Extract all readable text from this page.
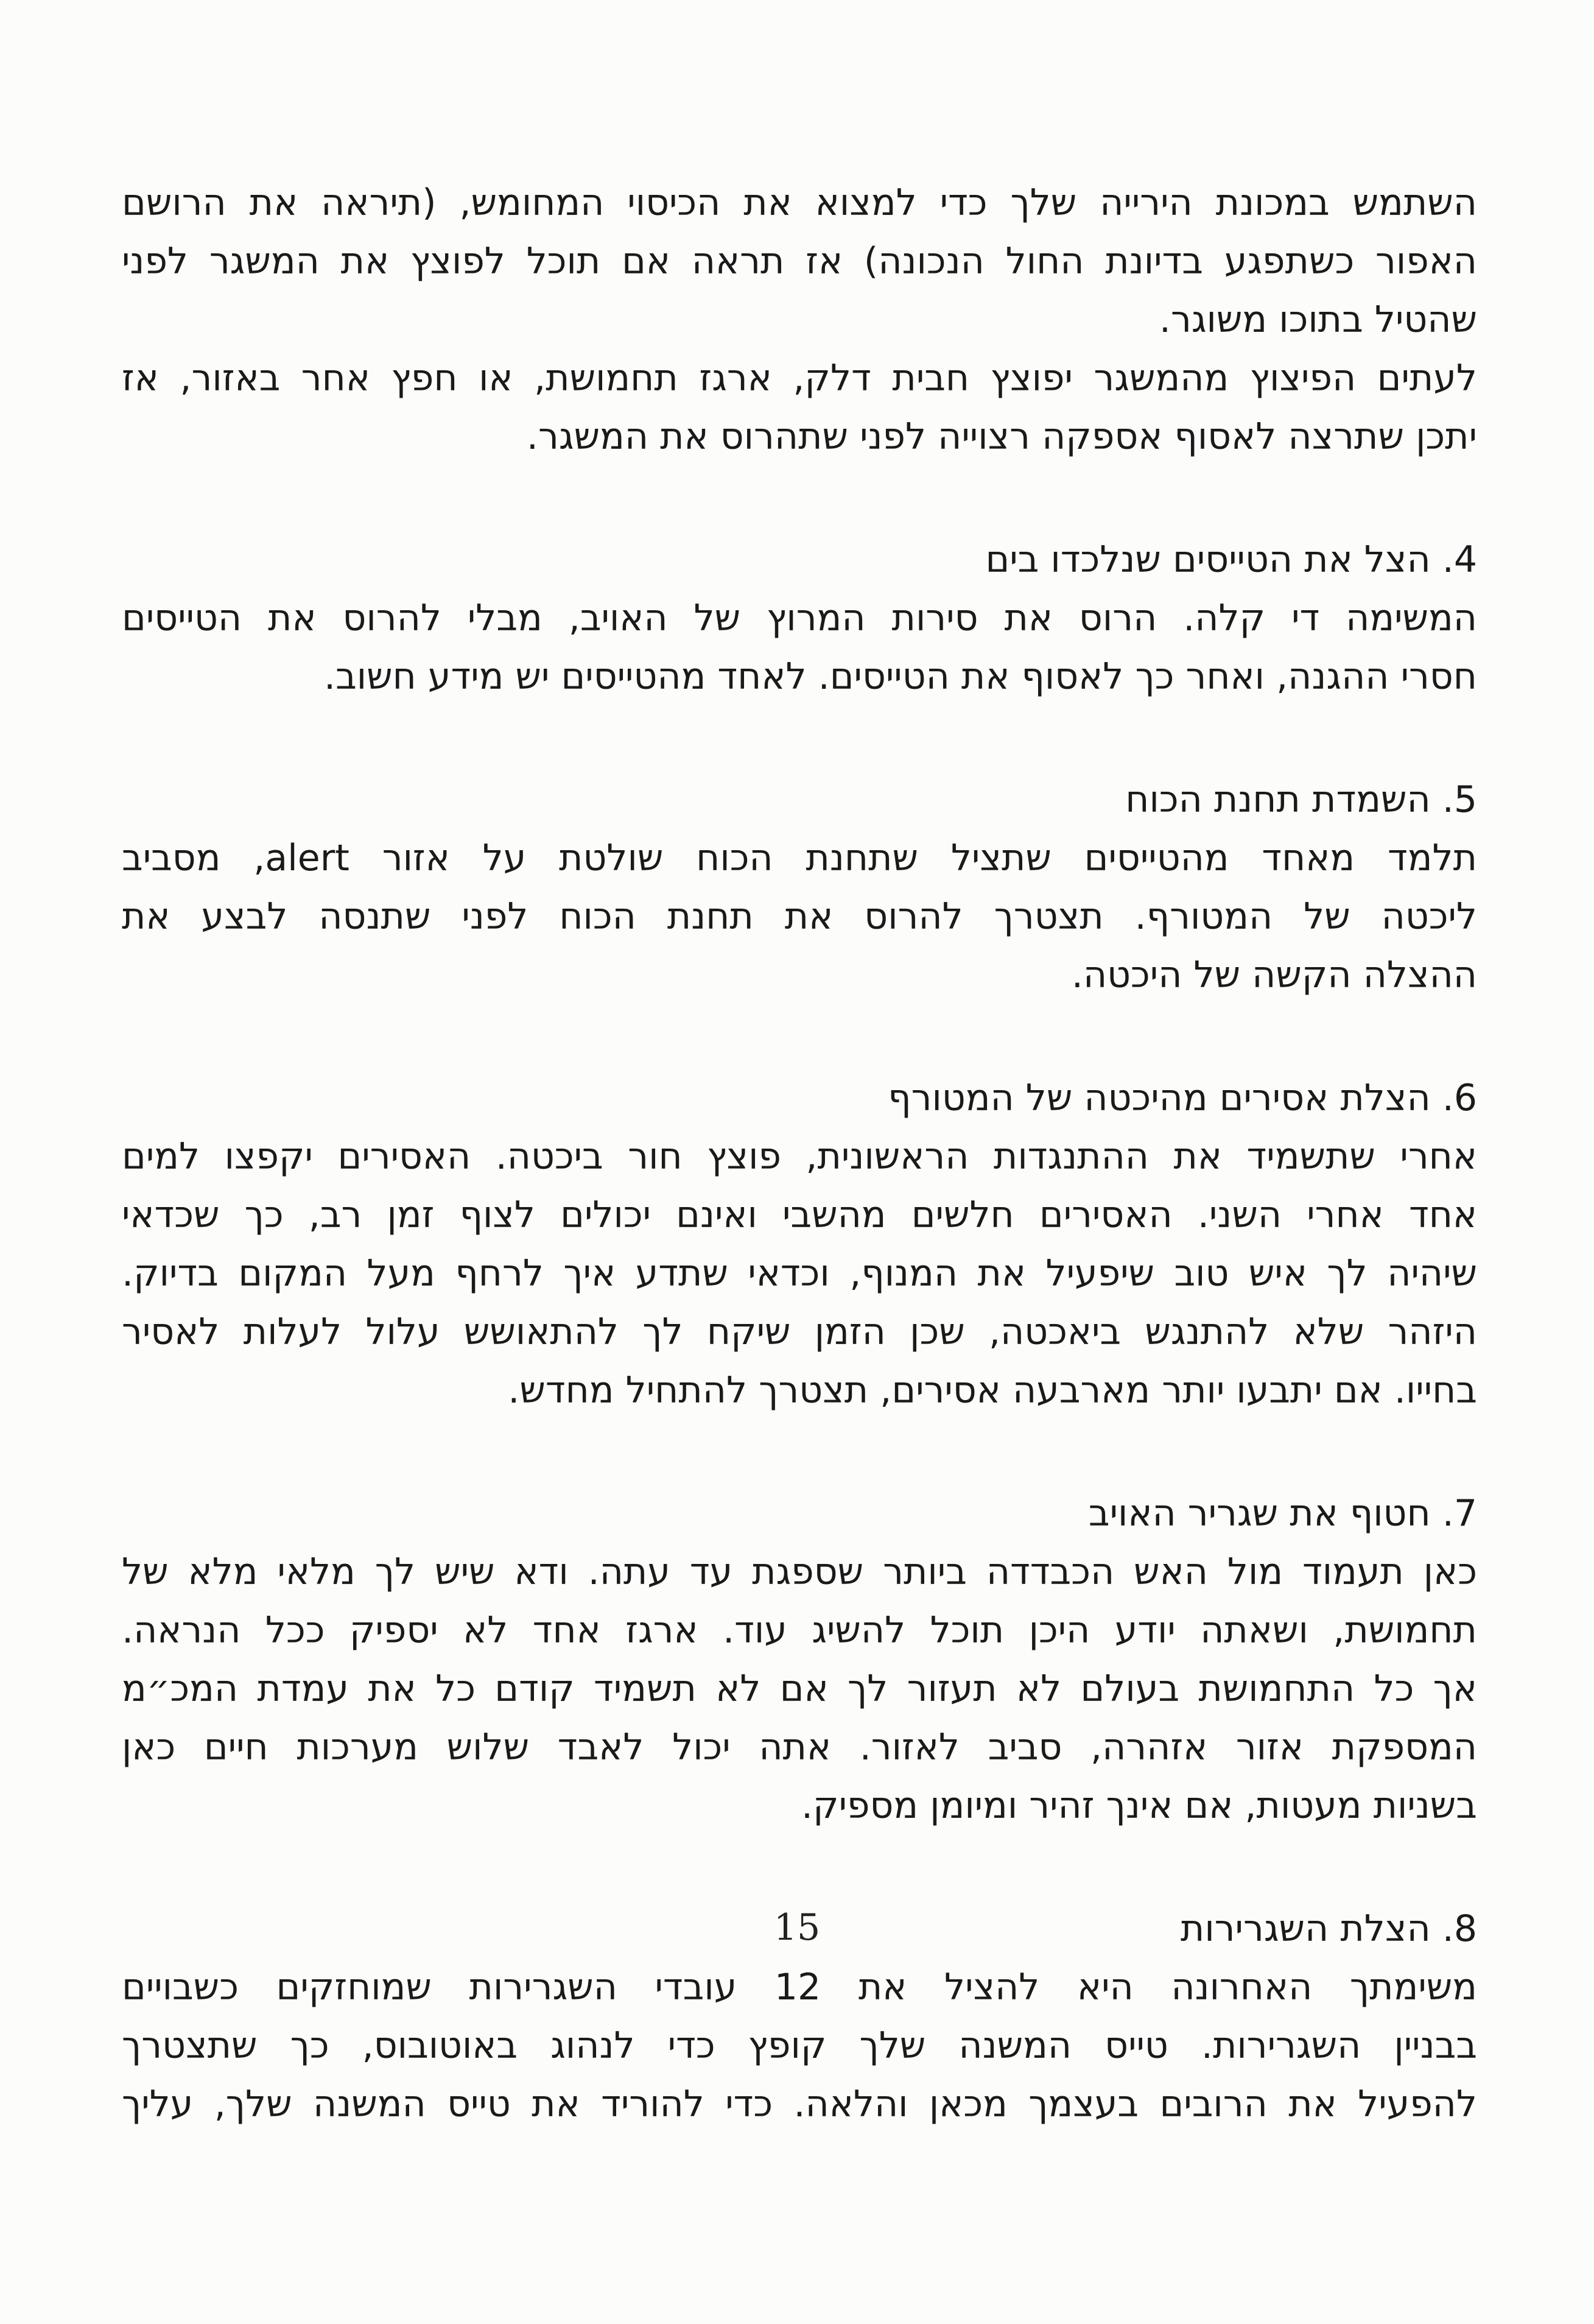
השתמש במכונת הירייה שלך כדי למצוא את הכיסוי המחומש, (תיראה את הרושם
האפור כשתפגע בדיונת החול הנכונה) אז תראה אם תוכל לפוצץ את המשגר לפני
שהטיל בתוכו משוגר.
לעתים הפיצוץ מהמשגר יפוצץ חבית דלק, ארגז תחמושת, או חפץ אחר באזור, אז
יתכן שתרצה לאסוף אספקה רצוייה לפני שתהרוס את המשגר.
4. הצל את הטייסים שנלכדו בים
המשימה די קלה. הרוס את סירות המרוץ של האויב, מבלי להרוס את הטייסים
חסרי ההגנה, ואחר כך לאסוף את הטייסים. לאחד מהטייסים יש מידע חשוב.
5. השמדת תחנת הכוח
תלמד מאחד מהטייסים שתציל שתחנת הכוח שולטת על אזור alert, מסביב
ליכטה של המטורף. תצטרך להרוס את תחנת הכוח לפני שתנסה לבצע את
ההצלה הקשה של היכטה.
6. הצלת אסירים מהיכטה של המטורף
אחרי שתשמיד את ההתנגדות הראשונית, פוצץ חור ביכטה. האסירים יקפצו למים
אחד אחרי השני. האסירים חלשים מהשבי ואינם יכולים לצוף זמן רב, כך שכדאי
שיהיה לך איש טוב שיפעיל את המנוף, וכדאי שתדע איך לרחף מעל המקום בדיוק.
היזהר שלא להתנגש ביאכטה, שכן הזמן שיקח לך להתאושש עלול לעלות לאסיר
בחייו. אם יתבעו יותר מארבעה אסירים, תצטרך להתחיל מחדש.
7. חטוף את שגריר האויב
כאן תעמוד מול האש הכבדדה ביותר שספגת עד עתה. ודא שיש לך מלאי מלא של
תחמושת, ושאתה יודע היכן תוכל להשיג עוד. ארגז אחד לא יספיק ככל הנראה.
אך כל התחמושת בעולם לא תעזור לך אם לא תשמיד קודם כל את עמדת המכ״מ
המספקת אזור אזהרה, סביב לאזור. אתה יכול לאבד שלוש מערכות חיים כאן
בשניות מעטות, אם אינך זהיר ומיומן מספיק.
8. הצלת השגרירות
משימתך האחרונה היא להציל את 12 עובדי השגרירות שמוחזקים כשבויים
בבניין השגרירות. טייס המשנה שלך קופץ כדי לנהוג באוטובוס, כך שתצטרך
להפעיל את הרובים בעצמך מכאן והלאה. כדי להוריד את טייס המשנה שלך, עליך
15
